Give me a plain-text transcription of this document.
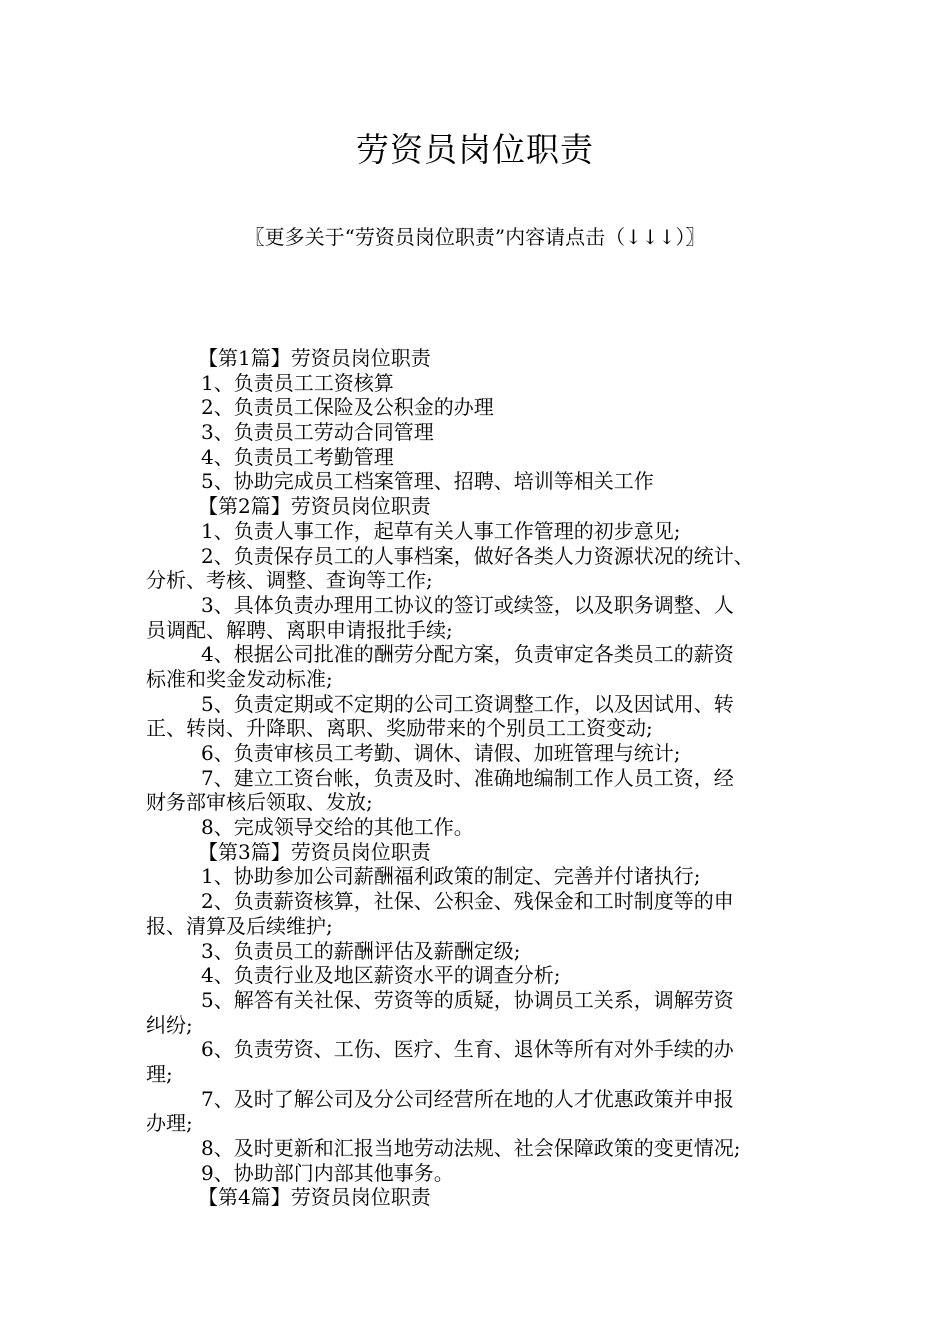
劳资员岗位职责
〖更多关于“劳资员岗位职责”内容请点击（↓↓↓）〗
【第1篇】劳资员岗位职责
1、负责员工工资核算
2、负责员工保险及公积金的办理
3、负责员工劳动合同管理
4、负责员工考勤管理
5、协助完成员工档案管理、招聘、培训等相关工作
【第2篇】劳资员岗位职责
1、负责人事工作，起草有关人事工作管理的初步意见;
2、负责保存员工的人事档案，做好各类人力资源状况的统计、
分析、考核、调整、查询等工作;
3、具体负责办理用工协议的签订或续签，以及职务调整、人
员调配、解聘、离职申请报批手续;
4、根据公司批准的酬劳分配方案，负责审定各类员工的薪资
标准和奖金发动标准;
5、负责定期或不定期的公司工资调整工作，以及因试用、转
正、转岗、升降职、离职、奖励带来的个别员工工资变动;
6、负责审核员工考勤、调休、请假、加班管理与统计;
7、建立工资台帐，负责及时、准确地编制工作人员工资，经
财务部审核后领取、发放;
8、完成领导交给的其他工作。
【第3篇】劳资员岗位职责
1、协助参加公司薪酬福利政策的制定、完善并付诸执行;
2、负责薪资核算，社保、公积金、残保金和工时制度等的申
报、清算及后续维护;
3、负责员工的薪酬评估及薪酬定级;
4、负责行业及地区薪资水平的调查分析;
5、解答有关社保、劳资等的质疑，协调员工关系，调解劳资
纠纷;
6、负责劳资、工伤、医疗、生育、退休等所有对外手续的办
理;
7、及时了解公司及分公司经营所在地的人才优惠政策并申报
办理;
8、及时更新和汇报当地劳动法规、社会保障政策的变更情况;
9、协助部门内部其他事务。
【第4篇】劳资员岗位职责
